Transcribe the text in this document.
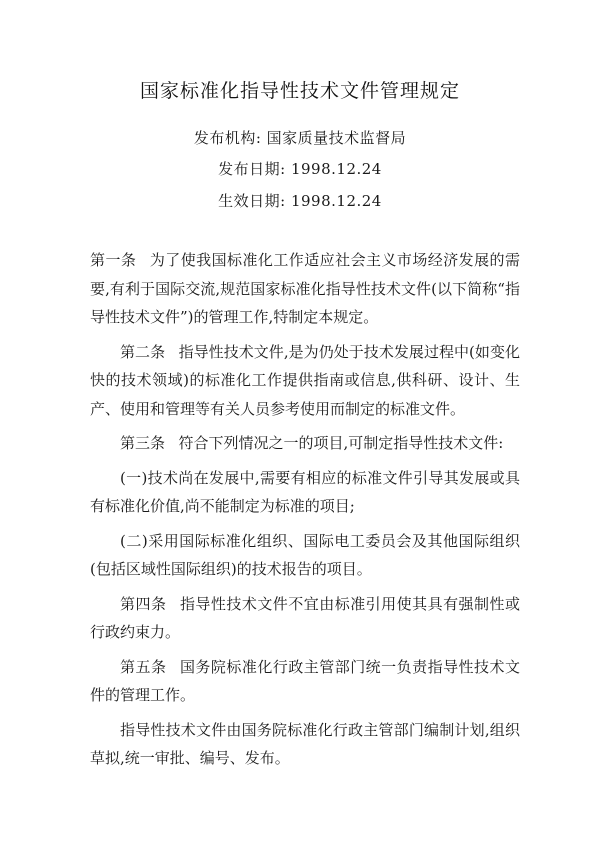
国家标准化指导性技术文件管理规定
发布机构: 国家质量技术监督局
发布日期: 1998.12.24
生效日期: 1998.12.24

第一条 为了使我国标准化工作适应社会主义市场经济发展的需要,有利于国际交流,规范国家标准化指导性技术文件(以下简称“指导性技术文件”)的管理工作,特制定本规定。

第二条 指导性技术文件,是为仍处于技术发展过程中(如变化快的技术领域)的标准化工作提供指南或信息,供科研、设计、生产、使用和管理等有关人员参考使用而制定的标准文件。

第三条 符合下列情况之一的项目,可制定指导性技术文件:

(一)技术尚在发展中,需要有相应的标准文件引导其发展或具有标准化价值,尚不能制定为标准的项目;

(二)采用国际标准化组织、国际电工委员会及其他国际组织(包括区域性国际组织)的技术报告的项目。

第四条 指导性技术文件不宜由标准引用使其具有强制性或行政约束力。

第五条 国务院标准化行政主管部门统一负责指导性技术文件的管理工作。

指导性技术文件由国务院标准化行政主管部门编制计划,组织草拟,统一审批、编号、发布。
